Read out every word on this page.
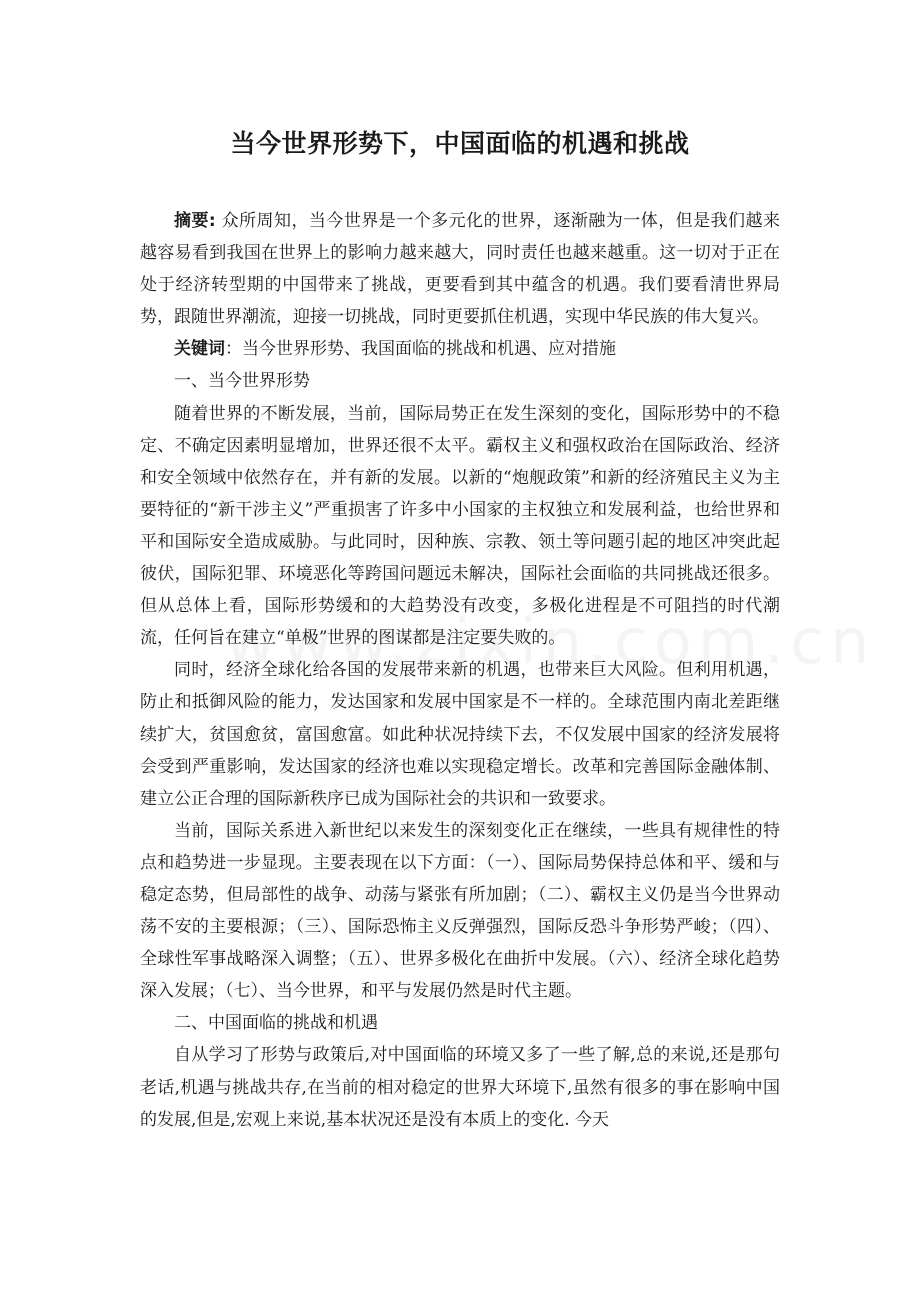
当今世界形势下，中国面临的机遇和挑战

摘要: 众所周知，当今世界是一个多元化的世界，逐渐融为一体，但是我们越来越容易看到我国在世界上的影响力越来越大，同时责任也越来越重。这一切对于正在处于经济转型期的中国带来了挑战，更要看到其中蕴含的机遇。我们要看清世界局势，跟随世界潮流，迎接一切挑战，同时更要抓住机遇，实现中华民族的伟大复兴。

关键词：当今世界形势、我国面临的挑战和机遇、应对措施

一、当今世界形势

随着世界的不断发展，当前，国际局势正在发生深刻的变化，国际形势中的不稳定、不确定因素明显增加，世界还很不太平。霸权主义和强权政治在国际政治、经济和安全领域中依然存在，并有新的发展。以新的“炮舰政策”和新的经济殖民主义为主要特征的“新干涉主义”严重损害了许多中小国家的主权独立和发展利益，也给世界和平和国际安全造成威胁。与此同时，因种族、宗教、领土等问题引起的地区冲突此起彼伏，国际犯罪、环境恶化等跨国问题远未解决，国际社会面临的共同挑战还很多。但从总体上看，国际形势缓和的大趋势没有改变，多极化进程是不可阻挡的时代潮流，任何旨在建立“单极”世界的图谋都是注定要失败的。

同时，经济全球化给各国的发展带来新的机遇，也带来巨大风险。但利用机遇，防止和抵御风险的能力，发达国家和发展中国家是不一样的。全球范围内南北差距继续扩大，贫国愈贫，富国愈富。如此种状况持续下去，不仅发展中国家的经济发展将会受到严重影响，发达国家的经济也难以实现稳定增长。改革和完善国际金融体制、建立公正合理的国际新秩序已成为国际社会的共识和一致要求。

当前，国际关系进入新世纪以来发生的深刻变化正在继续，一些具有规律性的特点和趋势进一步显现。主要表现在以下方面：（一）、国际局势保持总体和平、缓和与稳定态势，但局部性的战争、动荡与紧张有所加剧；（二）、霸权主义仍是当今世界动荡不安的主要根源；（三）、国际恐怖主义反弹强烈，国际反恐斗争形势严峻；（四）、全球性军事战略深入调整；（五）、世界多极化在曲折中发展。（六）、经济全球化趋势深入发展；（七）、当今世界，和平与发展仍然是时代主题。

二、中国面临的挑战和机遇

自从学习了形势与政策后,对中国面临的环境又多了一些了解,总的来说,还是那句老话,机遇与挑战共存,在当前的相对稳定的世界大环境下,虽然有很多的事在影响中国的发展,但是,宏观上来说,基本状况还是没有本质上的变化. 今天
